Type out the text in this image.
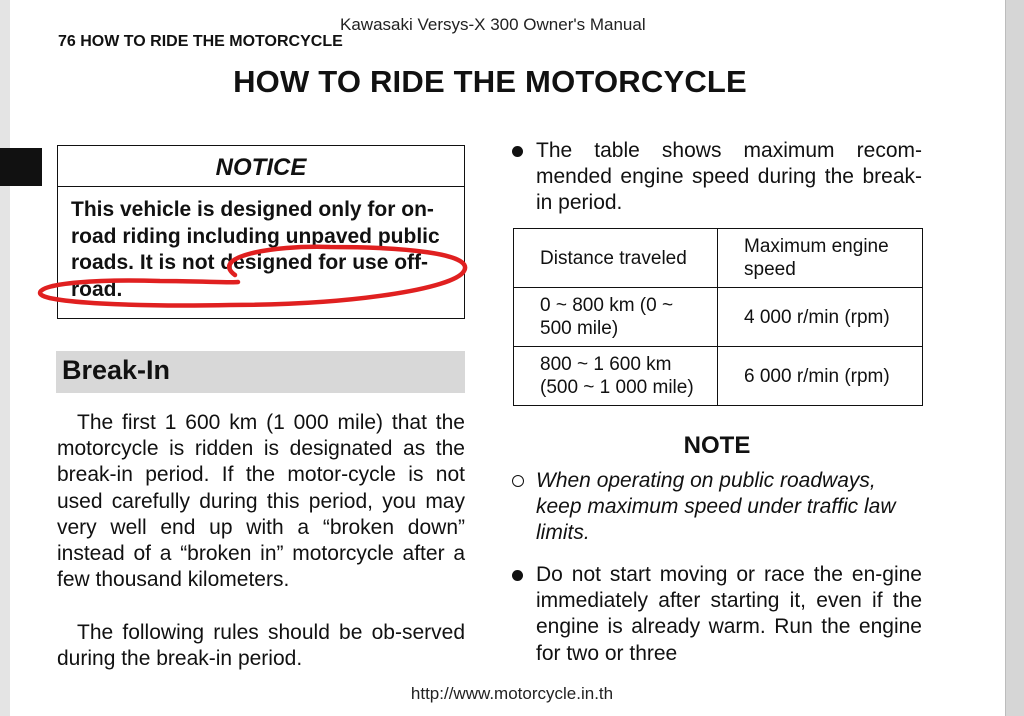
Kawasaki Versys-X 300 Owner's Manual
76 HOW TO RIDE THE MOTORCYCLE
HOW TO RIDE THE MOTORCYCLE
NOTICE
This vehicle is designed only for on-road riding including unpaved public roads. It is not designed for use off-road.
Break-In
The first 1 600 km (1 000 mile) that the motorcycle is ridden is designated as the break-in period. If the motor-cycle is not used carefully during this period, you may very well end up with a “broken down” instead of a “broken in” motorcycle after a few thousand kilometers.
The following rules should be ob-served during the break-in period.
The table shows maximum recom-mended engine speed during the break-in period.
Distance traveled	Maximum engine speed
0 ~ 800 km (0 ~ 500 mile)	4 000 r/min (rpm)
800 ~ 1 600 km (500 ~ 1 000 mile)	6 000 r/min (rpm)
NOTE
When operating on public roadways, keep maximum speed under traffic law limits.
Do not start moving or race the en-gine immediately after starting it, even if the engine is already warm. Run the engine for two or three
http://www.motorcycle.in.th
